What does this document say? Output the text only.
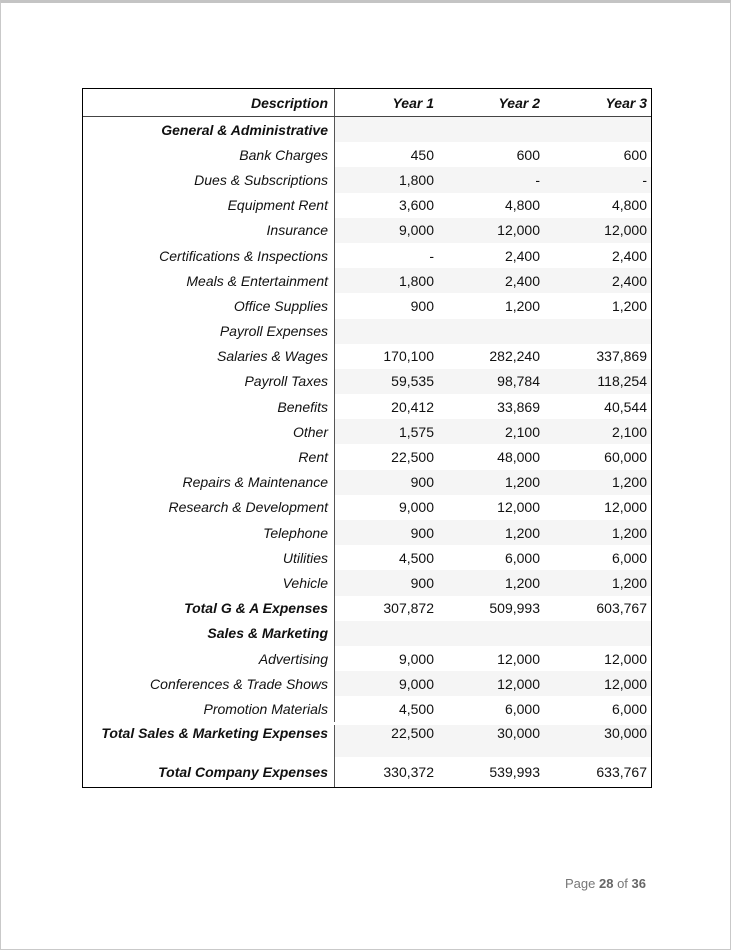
Description	Year 1	Year 2	Year 3
General & Administrative
Bank Charges	450	600	600
Dues & Subscriptions	1,800	-	-
Equipment Rent	3,600	4,800	4,800
Insurance	9,000	12,000	12,000
Certifications & Inspections	-	2,400	2,400
Meals & Entertainment	1,800	2,400	2,400
Office Supplies	900	1,200	1,200
Payroll Expenses
Salaries & Wages	170,100	282,240	337,869
Payroll Taxes	59,535	98,784	118,254
Benefits	20,412	33,869	40,544
Other	1,575	2,100	2,100
Rent	22,500	48,000	60,000
Repairs & Maintenance	900	1,200	1,200
Research & Development	9,000	12,000	12,000
Telephone	900	1,200	1,200
Utilities	4,500	6,000	6,000
Vehicle	900	1,200	1,200
Total G & A Expenses	307,872	509,993	603,767
Sales & Marketing
Advertising	9,000	12,000	12,000
Conferences & Trade Shows	9,000	12,000	12,000
Promotion Materials	4,500	6,000	6,000
Total Sales & Marketing Expenses	22,500	30,000	30,000
Total Company Expenses	330,372	539,993	633,767
Page 28 of 36
